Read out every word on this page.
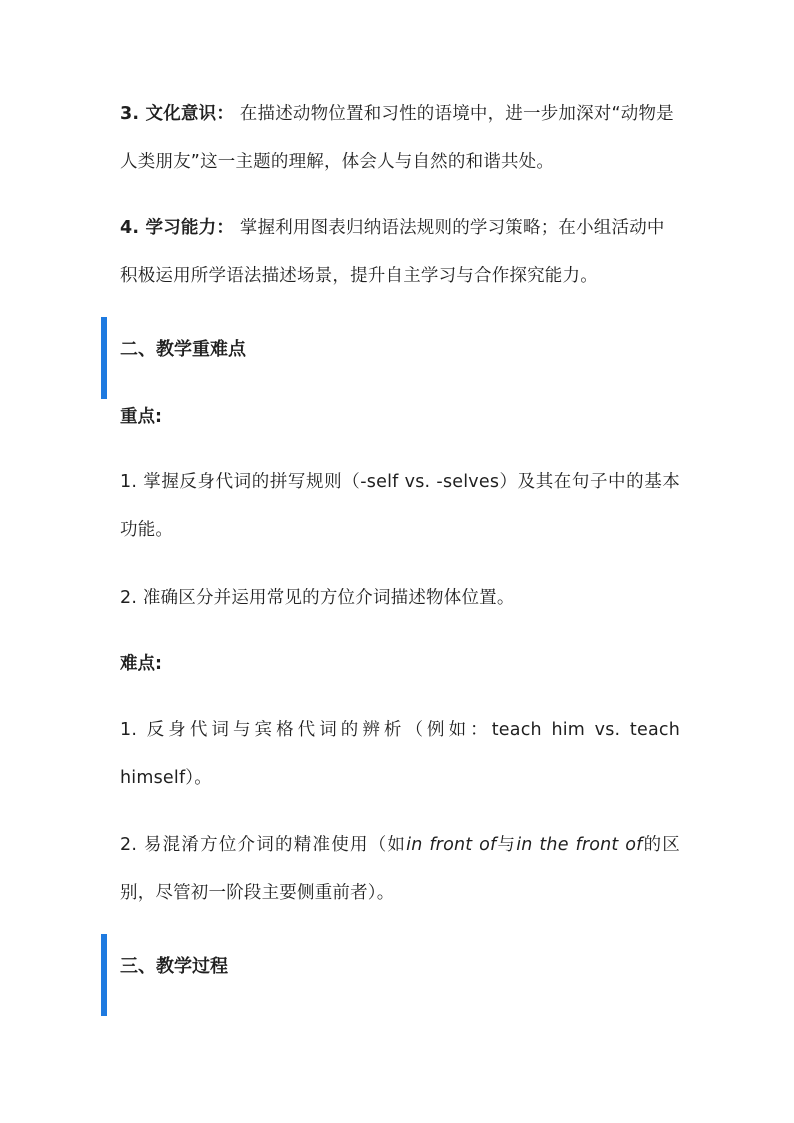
3. 文化意识： 在描述动物位置和习性的语境中，进一步加深对“动物是人类朋友”这一主题的理解，体会人与自然的和谐共处。

4. 学习能力： 掌握利用图表归纳语法规则的学习策略；在小组活动中积极运用所学语法描述场景，提升自主学习与合作探究能力。

二、教学重难点

重点:

1. 掌握反身代词的拼写规则（-self vs. -selves）及其在句子中的基本功能。

2. 准确区分并运用常见的方位介词描述物体位置。

难点:

1. 反身代词与宾格代词的辨析（例如：teach him vs. teach himself）。

2. 易混淆方位介词的精准使用（如in front of与in the front of的区别，尽管初一阶段主要侧重前者）。

三、教学过程
